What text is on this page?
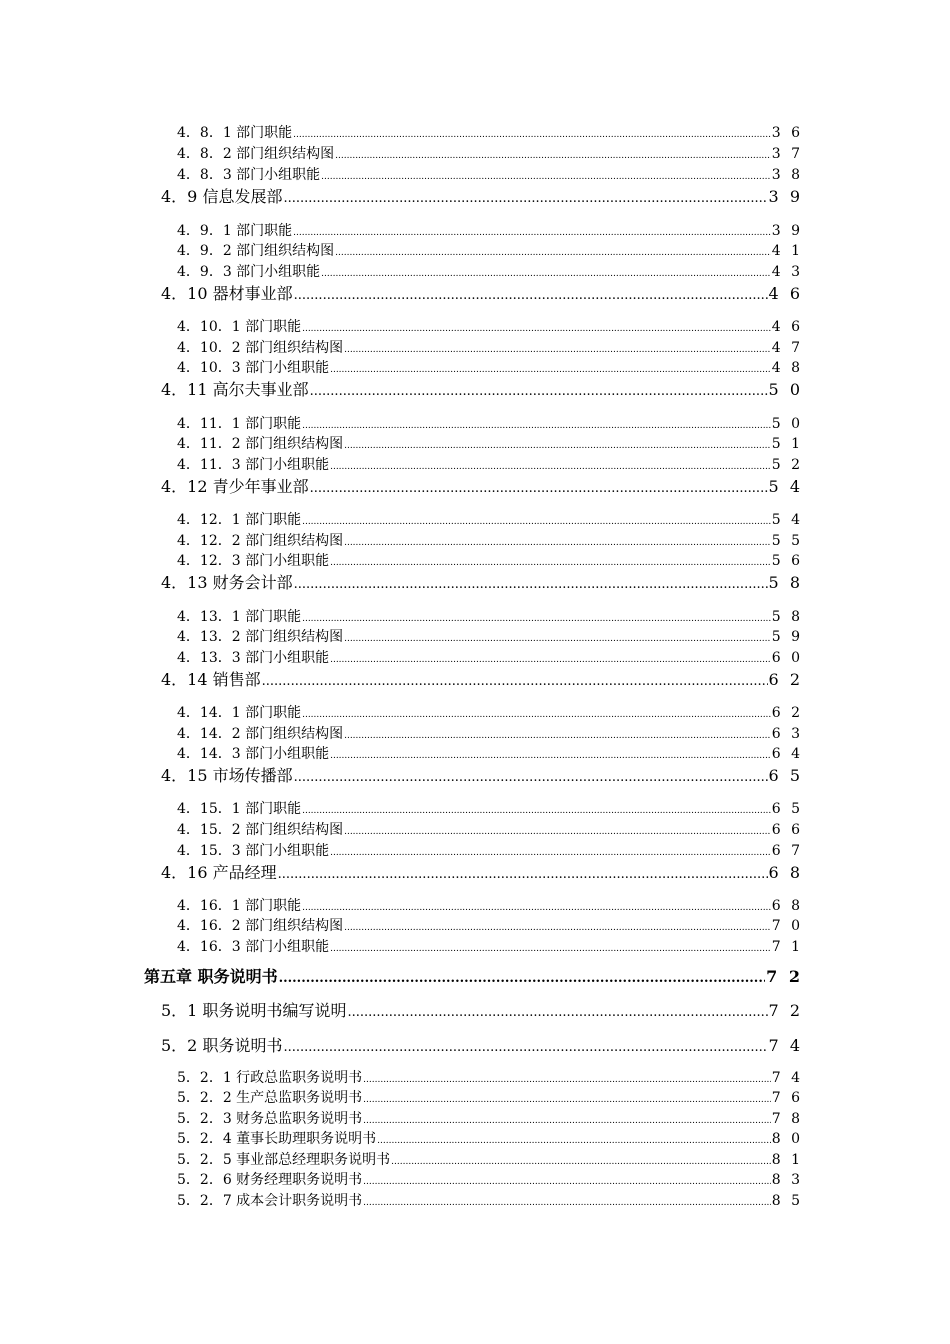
4．8．1 部门职能 .....	3 6
4．8．2 部门组织结构图 .....	3 7
4．8．3 部门小组职能 .....	3 8
4．9 信息发展部 .....	3 9
4．9．1 部门职能 .....	3 9
4．9．2 部门组织结构图 .....	4 1
4．9．3 部门小组职能 .....	4 3
4．10 器材事业部 .....	4 6
4．10．1 部门职能 .....	4 6
4．10．2 部门组织结构图 .....	4 7
4．10．3 部门小组职能 .....	4 8
4．11 高尔夫事业部 .....	5 0
4．11．1 部门职能 .....	5 0
4．11．2 部门组织结构图 .....	5 1
4．11．3 部门小组职能 .....	5 2
4．12 青少年事业部 .....	5 4
4．12．1 部门职能 .....	5 4
4．12．2 部门组织结构图 .....	5 5
4．12．3 部门小组职能 .....	5 6
4．13 财务会计部 .....	5 8
4．13．1 部门职能 .....	5 8
4．13．2 部门组织结构图 .....	5 9
4．13．3 部门小组职能 .....	6 0
4．14 销售部 .....	6 2
4．14．1 部门职能 .....	6 2
4．14．2 部门组织结构图 .....	6 3
4．14．3 部门小组职能 .....	6 4
4．15 市场传播部 .....	6 5
4．15．1 部门职能 .....	6 5
4．15．2 部门组织结构图 .....	6 6
4．15．3 部门小组职能 .....	6 7
4．16 产品经理 .....	6 8
4．16．1 部门职能 .....	6 8
4．16．2 部门组织结构图 .....	7 0
4．16．3 部门小组职能 .....	7 1
第五章 职务说明书 .....	7 2
5．1 职务说明书编写说明 .....	7 2
5．2 职务说明书 .....	7 4
5．2．1 行政总监职务说明书 .....	7 4
5．2．2 生产总监职务说明书 .....	7 6
5．2．3 财务总监职务说明书 .....	7 8
5．2．4 董事长助理职务说明书 .....	8 0
5．2．5 事业部总经理职务说明书 .....	8 1
5．2．6 财务经理职务说明书 .....	8 3
5．2．7 成本会计职务说明书 .....	8 5
